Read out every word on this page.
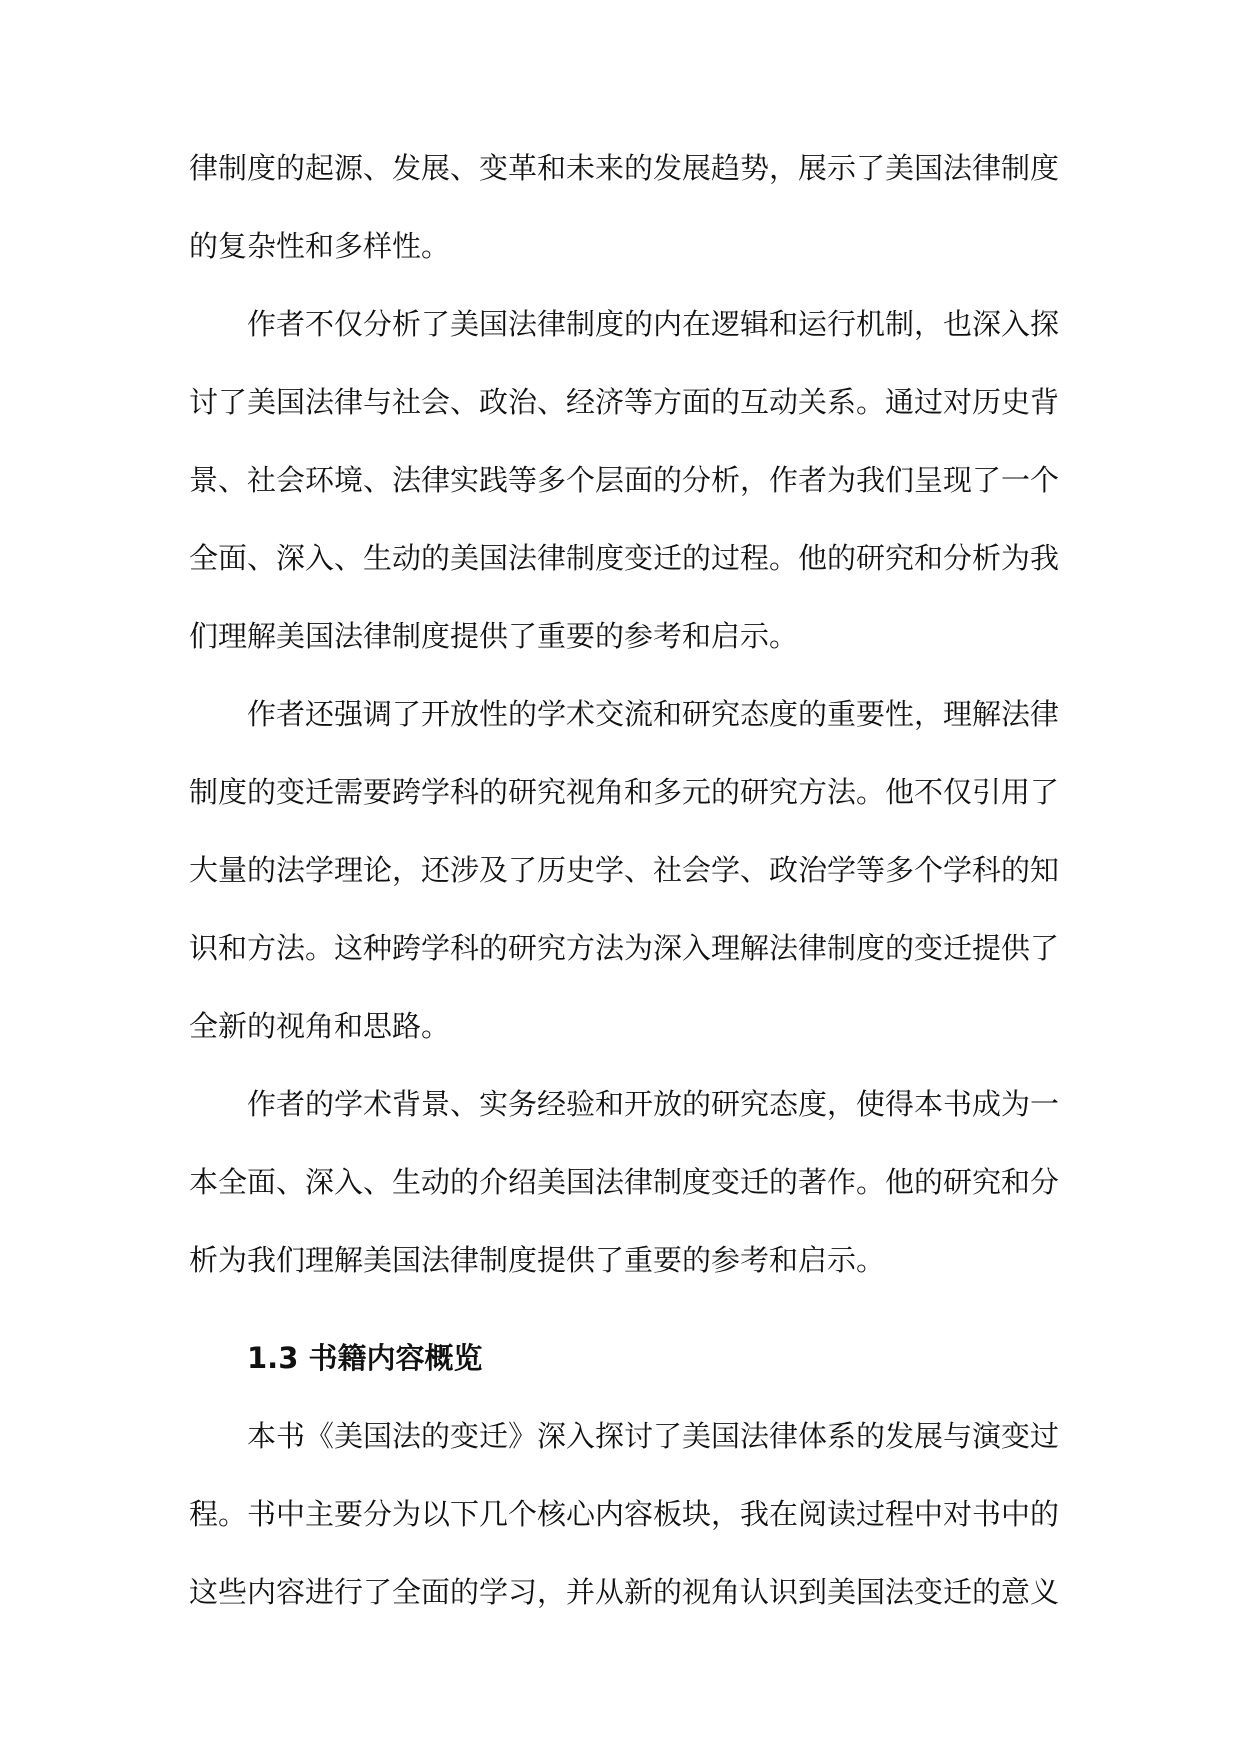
律制度的起源、发展、变革和未来的发展趋势，展示了美国法律制度
的复杂性和多样性。
作者不仅分析了美国法律制度的内在逻辑和运行机制，也深入探
讨了美国法律与社会、政治、经济等方面的互动关系。通过对历史背
景、社会环境、法律实践等多个层面的分析，作者为我们呈现了一个
全面、深入、生动的美国法律制度变迁的过程。他的研究和分析为我
们理解美国法律制度提供了重要的参考和启示。
作者还强调了开放性的学术交流和研究态度的重要性，理解法律
制度的变迁需要跨学科的研究视角和多元的研究方法。他不仅引用了
大量的法学理论，还涉及了历史学、社会学、政治学等多个学科的知
识和方法。这种跨学科的研究方法为深入理解法律制度的变迁提供了
全新的视角和思路。
作者的学术背景、实务经验和开放的研究态度，使得本书成为一
本全面、深入、生动的介绍美国法律制度变迁的著作。他的研究和分
析为我们理解美国法律制度提供了重要的参考和启示。
1.3 书籍内容概览
本书《美国法的变迁》深入探讨了美国法律体系的发展与演变过
程。书中主要分为以下几个核心内容板块，我在阅读过程中对书中的
这些内容进行了全面的学习，并从新的视角认识到美国法变迁的意义
